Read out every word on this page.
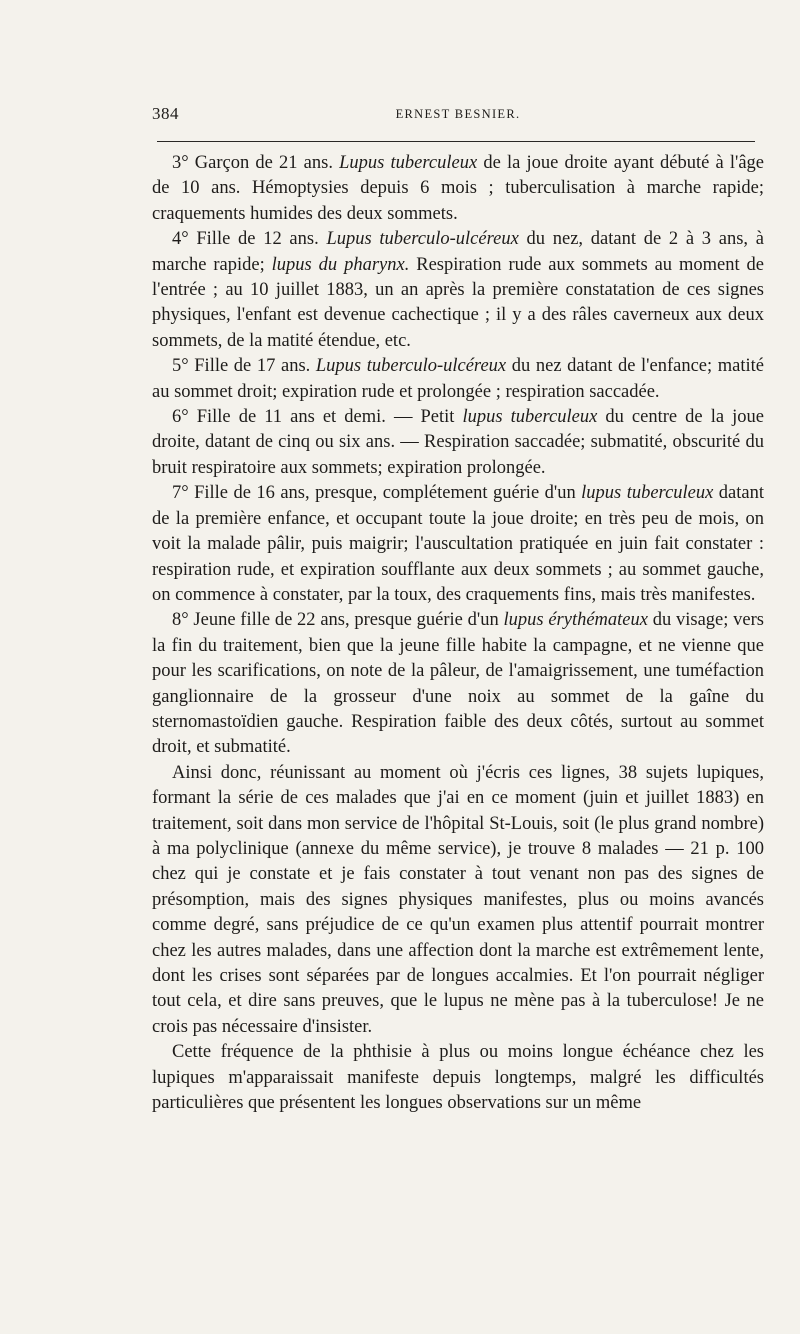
384	ERNEST BESNIER.

3° Garçon de 21 ans. Lupus tuberculeux de la joue droite ayant débuté à l'âge de 10 ans. Hémoptysies depuis 6 mois ; tuberculisation à marche rapide; craquements humides des deux sommets.

4° Fille de 12 ans. Lupus tuberculo-ulcéreux du nez, datant de 2 à 3 ans, à marche rapide; lupus du pharynx. Respiration rude aux sommets au moment de l'entrée ; au 10 juillet 1883, un an après la première constatation de ces signes physiques, l'enfant est devenue cachectique ; il y a des râles caverneux aux deux sommets, de la matité étendue, etc.

5° Fille de 17 ans. Lupus tuberculo-ulcéreux du nez datant de l'enfance; matité au sommet droit; expiration rude et prolongée ; respiration saccadée.

6° Fille de 11 ans et demi. — Petit lupus tuberculeux du centre de la joue droite, datant de cinq ou six ans. — Respiration saccadée; submatité, obscurité du bruit respiratoire aux sommets; expiration prolongée.

7° Fille de 16 ans, presque, complétement guérie d'un lupus tuberculeux datant de la première enfance, et occupant toute la joue droite; en très peu de mois, on voit la malade pâlir, puis maigrir; l'auscultation pratiquée en juin fait constater : respiration rude, et expiration soufflante aux deux sommets ; au sommet gauche, on commence à constater, par la toux, des craquements fins, mais très manifestes.

8° Jeune fille de 22 ans, presque guérie d'un lupus érythémateux du visage; vers la fin du traitement, bien que la jeune fille habite la campagne, et ne vienne que pour les scarifications, on note de la pâleur, de l'amaigrissement, une tuméfaction ganglionnaire de la grosseur d'une noix au sommet de la gaîne du sternomastoïdien gauche. Respiration faible des deux côtés, surtout au sommet droit, et submatité.

Ainsi donc, réunissant au moment où j'écris ces lignes, 38 sujets lupiques, formant la série de ces malades que j'ai en ce moment (juin et juillet 1883) en traitement, soit dans mon service de l'hôpital St-Louis, soit (le plus grand nombre) à ma polyclinique (annexe du même service), je trouve 8 malades — 21 p. 100 chez qui je constate et je fais constater à tout venant non pas des signes de présomption, mais des signes physiques manifestes, plus ou moins avancés comme degré, sans préjudice de ce qu'un examen plus attentif pourrait montrer chez les autres malades, dans une affection dont la marche est extrêmement lente, dont les crises sont séparées par de longues accalmies. Et l'on pourrait négliger tout cela, et dire sans preuves, que le lupus ne mène pas à la tuberculose! Je ne crois pas nécessaire d'insister.

Cette fréquence de la phthisie à plus ou moins longue échéance chez les lupiques m'apparaissait manifeste depuis longtemps, malgré les difficultés particulières que présentent les longues observations sur un même
